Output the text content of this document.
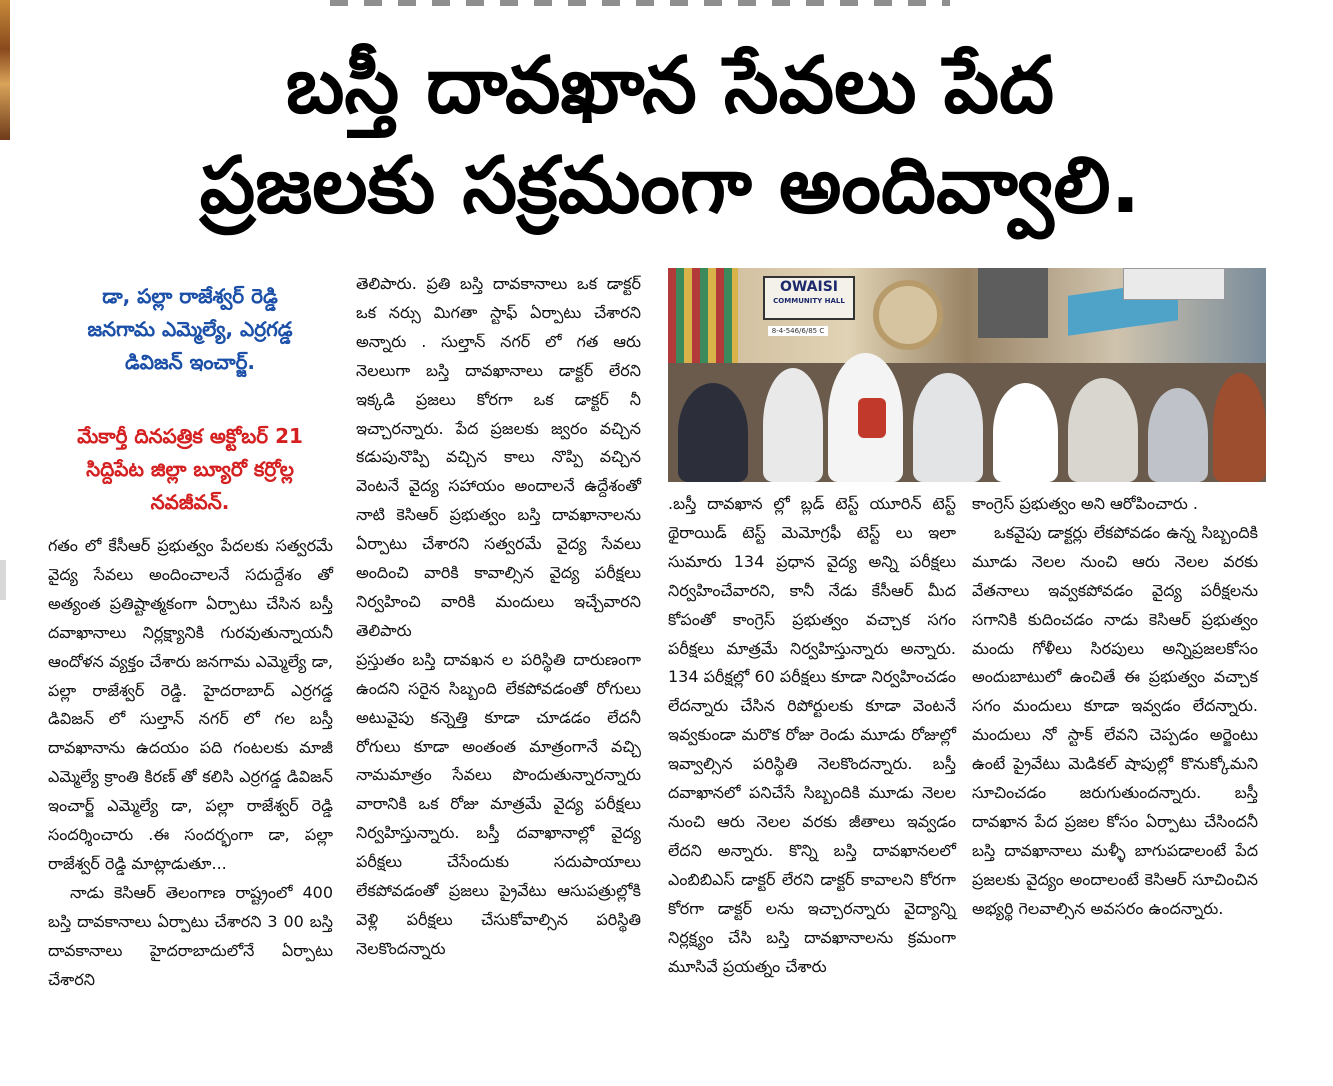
బస్తీ దావఖాన సేవలు పేద
ప్రజలకు సక్రమంగా అందివ్వాలి.
డా, పల్లా రాజేశ్వర్ రెడ్డి
జనగామ ఎమ్మెల్యే, ఎర్రగడ్డ
డివిజన్ ఇంచార్జ్.
మేకార్తీ దినపత్రిక అక్టోబర్ 21
సిద్దిపేట జిల్లా బ్యూరో కర్రోల్ల
నవజీవన్.

గతం లో కేసీఆర్ ప్రభుత్వం పేదలకు సత్వరమే వైద్య సేవలు అందించాలనే సదుద్దేశం తో అత్యంత ప్రతిష్టాత్మకంగా ఏర్పాటు చేసిన బస్తీ దవాఖానాలు నిర్లక్ష్యానికి గురవుతున్నాయనీ ఆందోళన వ్యక్తం చేశారు జనగామ ఎమ్మెల్యే డా, పల్లా రాజేశ్వర్ రెడ్డి. హైదరాబాద్ ఎర్రగడ్డ డివిజన్ లో సుల్తాన్ నగర్ లో గల బస్తీ దావఖానాను ఉదయం పది గంటలకు మాజీ ఎమ్మెల్యే క్రాంతి కిరణ్ తో కలిసి ఎర్రగడ్డ డివిజన్ ఇంచార్జ్ ఎమ్మెల్యే డా, పల్లా రాజేశ్వర్ రెడ్డి సందర్శించారు .ఈ సందర్భంగా డా, పల్లా రాజేశ్వర్ రెడ్డి మాట్లాడుతూ...

నాడు కెసిఆర్ తెలంగాణ రాష్ట్రంలో 400 బస్తి దావకానాలు ఏర్పాటు చేశారని 3 00 బస్తి దావకానాలు హైదరాబాదులోనే ఏర్పాటు చేశారని

తెలిపారు. ప్రతి బస్తి దావకానాలు ఒక డాక్టర్ ఒక నర్సు మిగతా స్టాఫ్ ఏర్పాటు చేశారని అన్నారు . సుల్తాన్ నగర్ లో గత ఆరు నెలలుగా బస్తి దావఖానాలు డాక్టర్ లేరని ఇక్కడి ప్రజలు కోరగా ఒక డాక్టర్ నీ ఇచ్చారన్నారు. పేద ప్రజలకు జ్వరం వచ్చిన కడుపునొప్పి వచ్చిన కాలు నొప్పి వచ్చిన వెంటనే వైద్య సహాయం అందాలనే ఉద్దేశంతో నాటి కెసిఆర్ ప్రభుత్వం బస్తి దావఖానాలను ఏర్పాటు చేశారని సత్వరమే వైద్య సేవలు అందించి వారికి కావాల్సిన వైద్య పరీక్షలు నిర్వహించి వారికి మందులు ఇచ్చేవారని తెలిపారు

ప్రస్తుతం బస్తి దావఖన ల పరిస్థితి దారుణంగా ఉందని సరైన సిబ్బంది లేకపోవడంతో రోగులు అటువైపు కన్నెత్తి కూడా చూడడం లేదనీ రోగులు కూడా అంతంత మాత్రంగానే వచ్చి నామమాత్రం సేవలు పొందుతున్నారన్నారు వారానికి ఒక రోజు మాత్రమే వైద్య పరీక్షలు నిర్వహిస్తున్నారు. బస్తీ దవాఖానాల్లో వైద్య పరీక్షలు చేసేందుకు సదుపాయాలు లేకపోవడంతో ప్రజలు ప్రైవేటు ఆసుపత్రుల్లోకి వెళ్లి పరీక్షలు చేసుకోవాల్సిన పరిస్థితి నెలకొందన్నారు

OWAISI
COMMUNITY HALL
8-4-546/6/85 C

.బస్తీ దావఖాన ల్లో బ్లడ్ టెస్ట్ యూరిన్ టెస్ట్ థైరాయిడ్ టెస్ట్ మెమోగ్రఫీ టెస్ట్ లు ఇలా సుమారు 134 ప్రధాన వైద్య అన్ని పరీక్షలు నిర్వహించేవారని, కానీ నేడు కేసీఆర్ మీద కోపంతో కాంగ్రెస్ ప్రభుత్వం వచ్చాక సగం పరీక్షలు మాత్రమే నిర్వహిస్తున్నారు అన్నారు. 134 పరీక్షల్లో 60 పరీక్షలు కూడా నిర్వహించడం లేదన్నారు చేసిన రిపోర్టులకు కూడా వెంటనే ఇవ్వకుండా మరొక రోజు రెండు మూడు రోజుల్లో ఇవ్వాల్సిన పరిస్థితి నెలకొందన్నారు. బస్తీ దవాఖానలో పనిచేసే సిబ్బందికి మూడు నెలల నుంచి ఆరు నెలల వరకు జీతాలు ఇవ్వడం లేదని అన్నారు. కొన్ని బస్తి దావఖానలలో ఎంబిబిఎస్ డాక్టర్ లేరని డాక్టర్ కావాలని కోరగా కోరగా డాక్టర్ లను ఇచ్చారన్నారు వైద్యాన్ని నిర్లక్ష్యం చేసి బస్తి దావఖానాలను క్రమంగా మూసివే ప్రయత్నం చేశారు

కాంగ్రెస్ ప్రభుత్వం అని ఆరోపించారు .

ఒకవైపు డాక్టర్లు లేకపోవడం ఉన్న సిబ్బందికి మూడు నెలల నుంచి ఆరు నెలల వరకు వేతనాలు ఇవ్వకపోవడం వైద్య పరీక్షలను సగానికి కుదించడం నాడు కెసిఆర్ ప్రభుత్వం మందు గోళీలు సిరపులు అన్నిప్రజలకోసం అందుబాటులో ఉంచితే ఈ ప్రభుత్వం వచ్చాక సగం మందులు కూడా ఇవ్వడం లేదన్నారు. మందులు నో స్టాక్ లేవని చెప్పడం అర్జెంటు ఉంటే ప్రైవేటు మెడికల్ షాపుల్లో కొనుక్కోమని సూచించడం జరుగుతుందన్నారు. బస్తీ దావఖాన పేద ప్రజల కోసం ఏర్పాటు చేసిందనీ బస్తి దావఖానాలు మళ్ళీ బాగుపడాలంటే పేద ప్రజలకు వైద్యం అందాలంటే కెసిఆర్ సూచించిన అభ్యర్థి గెలవాల్సిన అవసరం ఉందన్నారు.
